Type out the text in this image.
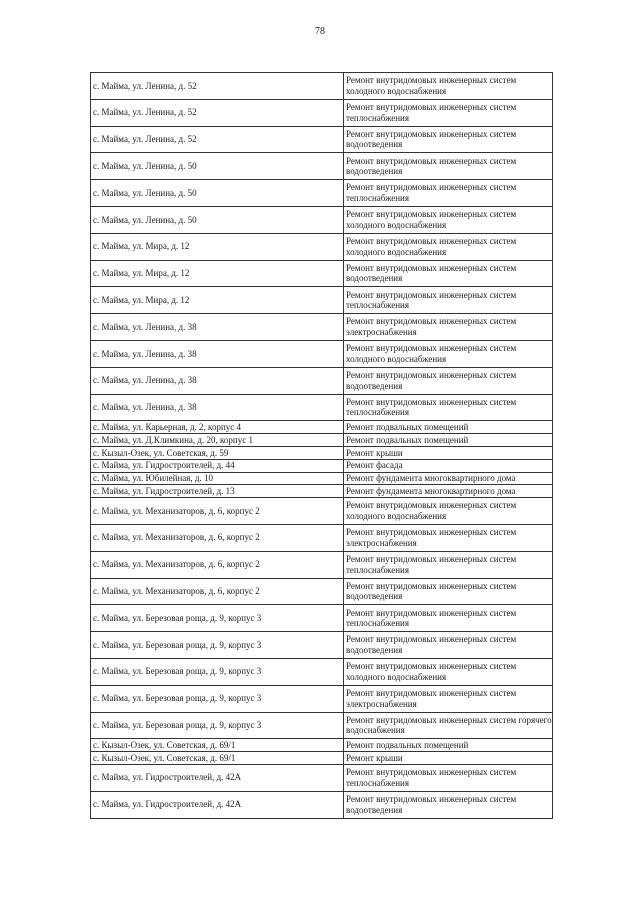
78
с. Майма, ул. Ленина, д. 52	Ремонт внутридомовых инженерных систем холодного водоснабжения
с. Майма, ул. Ленина, д. 52	Ремонт внутридомовых инженерных систем теплоснабжения
с. Майма, ул. Ленина, д. 52	Ремонт внутридомовых инженерных систем водоотведения
с. Майма, ул. Ленина, д. 50	Ремонт внутридомовых инженерных систем водоотведения
с. Майма, ул. Ленина, д. 50	Ремонт внутридомовых инженерных систем теплоснабжения
с. Майма, ул. Ленина, д. 50	Ремонт внутридомовых инженерных систем холодного водоснабжения
с. Майма, ул. Мира, д. 12	Ремонт внутридомовых инженерных систем холодного водоснабжения
с. Майма, ул. Мира, д. 12	Ремонт внутридомовых инженерных систем водоотведения
с. Майма, ул. Мира, д. 12	Ремонт внутридомовых инженерных систем теплоснабжения
с. Майма, ул. Ленина, д. 38	Ремонт внутридомовых инженерных систем электроснабжения
с. Майма, ул. Ленина, д. 38	Ремонт внутридомовых инженерных систем холодного водоснабжения
с. Майма, ул. Ленина, д. 38	Ремонт внутридомовых инженерных систем водоотведения
с. Майма, ул. Ленина, д. 38	Ремонт внутридомовых инженерных систем теплоснабжения
с. Майма, ул. Карьерная, д. 2, корпус 4	Ремонт подвальных помещений
с. Майма, ул. Д.Климкина, д. 20, корпус 1	Ремонт подвальных помещений
с. Кызыл-Озек, ул. Советская, д. 59	Ремонт крыши
с. Майма, ул. Гидростроителей, д. 44	Ремонт фасада
с. Майма, ул. Юбилейная, д. 10	Ремонт фундамента многоквартирного дома
с. Майма, ул. Гидростроителей, д. 13	Ремонт фундамента многоквартирного дома
с. Майма, ул. Механизаторов, д. 6, корпус 2	Ремонт внутридомовых инженерных систем холодного водоснабжения
с. Майма, ул. Механизаторов, д. 6, корпус 2	Ремонт внутридомовых инженерных систем электроснабжения
с. Майма, ул. Механизаторов, д. 6, корпус 2	Ремонт внутридомовых инженерных систем теплоснабжения
с. Майма, ул. Механизаторов, д. 6, корпус 2	Ремонт внутридомовых инженерных систем водоотведения
с. Майма, ул. Березовая роща, д. 9, корпус 3	Ремонт внутридомовых инженерных систем теплоснабжения
с. Майма, ул. Березовая роща, д. 9, корпус 3	Ремонт внутридомовых инженерных систем водоотведения
с. Майма, ул. Березовая роща, д. 9, корпус 3	Ремонт внутридомовых инженерных систем холодного водоснабжения
с. Майма, ул. Березовая роща, д. 9, корпус 3	Ремонт внутридомовых инженерных систем электроснабжения
с. Майма, ул. Березовая роща, д. 9, корпус 3	Ремонт внутридомовых инженерных систем горячего водоснабжения
с. Кызыл-Озек, ул. Советская, д. 69/1	Ремонт подвальных помещений
с. Кызыл-Озек, ул. Советская, д. 69/1	Ремонт крыши
с. Майма, ул. Гидростроителей, д. 42А	Ремонт внутридомовых инженерных систем теплоснабжения
с. Майма, ул. Гидростроителей, д. 42А	Ремонт внутридомовых инженерных систем водоотведения
